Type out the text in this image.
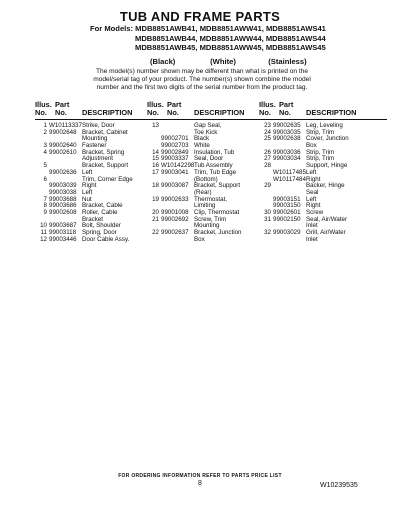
TUB AND FRAME PARTS
For Models: MDB8851AWB41, MDB8851AWW41, MDB8851AWS41
MDB8851AWB44, MDB8851AWW44, MDB8851AWS44
MDB8851AWB45, MDB8851AWW45, MDB8851AWS45
(Black)	(White)	(Stainless)
The model(s) number shown may be different than what is printed on the
model/serial tag of your product. The number(s) shown combine the model
number and the first two digits of the serial number from the product tag.
Illus. Part
No. No. DESCRIPTION
1 W10113337 Strike, Door
2 99002648 Bracket, Cabinet
Mounting
3 99002640 Fastener
4 99002610 Bracket, Spring
Adjustment
5	Bracket, Support
99002636 Left
6	Trim, Corner Edge
99003039 Right
99003038 Left
7 99003688 Nut
8 99003686 Bracket, Cable
9 99002608 Roller, Cable
Bracket
10 99003687 Bolt, Shoulder
11 99003118 Spring, Door
12 99003446 Door Cable Assy.
Illus. Part
No. No. DESCRIPTION
13	Gap Seal,
Toe Kick
99002701 Black
99002703 White
14 99002849 Insulation, Tub
15 99003337 Seal, Door
16 W10142298 Tub Assembly
17 99003041 Trim, Tub Edge
(Bottom)
18 99003087 Bracket, Support
(Rear)
19 99002633 Thermostat,
Limiting
20 99001008 Clip, Thermostat
21 99002692 Screw, Trim
Mounting
22 99002637 Bracket, Junction
Box
Illus. Part
No. No. DESCRIPTION
23 99002635 Leg, Leveling
24 99003035 Strip, Trim
25 99002638 Cover, Junction
Box
26 99003036 Strip, Trim
27 99003034 Strip, Trim
28	Support, Hinge
W10117485 Left
W10117484 Right
29	Backer, Hinge
Seal
99003151 Left
99003150 Right
30 99002601 Screw
31 99002150 Seal, Air/Water
Inlet
32 99003029 Grill, Air/Water
Inlet
FOR ORDERING INFORMATION REFER TO PARTS PRICE LIST
8	W10239535
